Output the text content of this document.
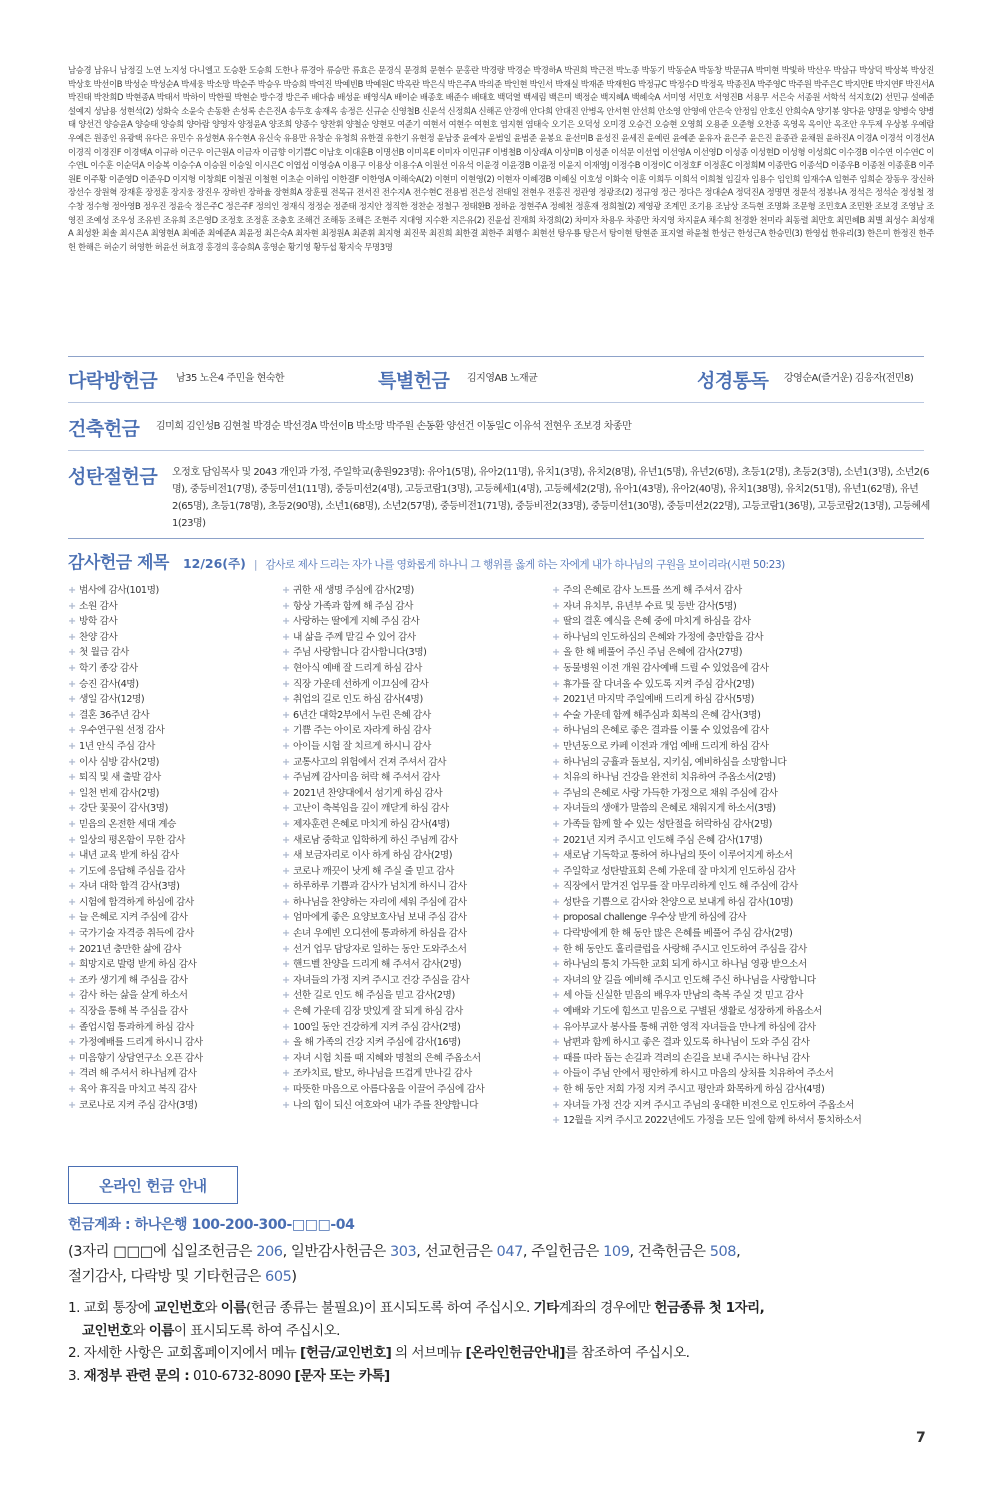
남승경 남유니 남정길 노연 노지성 다니엘고 도승환 도승희 도한나 류경아 류승만 류효은 문경식 문경희 문현수 문홍란 박경량 박경순 박경하A 박권희 박근전 박노종 박동기 박동순A 박동창 박문규A 박미현 박빛하 박산우 박삼규 박상덕 박상복 박상진 박상호 박선이B 박성순 박성순A 박세웅 박소망 박순주 박승우 박승희 박여진 박예빈B 박예원C 박옥란 박은식 박은주A 박의준 박인현 박인서 박재실 박재준 박재헌G 박정규C 박정수D 박정옥 박종진A 박주영C 박주원 박주은C 박지만E 박지연F 박진서A 박진태 박찬희D 박현종A 박태서 박하이 박한필 박현순 방수경 방은주 배다솜 배성윤 배영식A 배이순 배종호 배준수 배태호 백덕열 백세림 백은미 백정순 백지혜A 백혜숙A 서미영 서민호 서영진B 서용무 서은숙 서종원 서학석 석지호(2) 선민규 설예준 설예지 성남용 성현석(2) 성화숙 소윤숙 손동환 손성록 손은진A 송두호 송재옥 송정은 신규순 신영철B 신운석 신정희A 신해곤 안경애 안다희 안대진 안병옥 안서현 안선희 안소영 안영애 안은숙 안정임 안호신 안희숙A 양기봉 양다윤 양명윤 양병숙 양병태 양선건 양승윤A 양승태 양승희 양아람 양영자 양정윤A 양조희 양종수 양찬휘 양철순 양현모 여준기 여현서 여현수 여현호 염지현 염태숙 오기은 오덕성 오미경 오승건 오승현 오영희 오용준 오준형 오찬종 옥영옥 옥이안 옥조안 우두제 우상봉 우예람 우예은 원종인 유광택 유다은 유민수 유성현A 유수현A 유신숙 유용만 유창순 유청희 유한결 유한기 유현정 윤남중 윤예자 윤범일 윤범준 윤봉요 윤선미B 윤성진 윤세진 윤예린 윤예준 윤유자 윤은주 윤은진 윤종관 윤채원 윤하진A 이경A 이경석 이경선A 이경직 이경진F 이경택A 이규하 이근우 이근원A 이금자 이금향 이기쁨C 이남호 이대훈B 이명선B 이미옥E 이미자 이민규F 이병철B 이상래A 이상미B 이성준 이석문 이선엽 이선영A 이선영D 이성종 이성현D 이성형 이성희C 이수경B 이수연 이수연C 이수연L 이수훈 이순덕A 이승복 이승수A 이승원 이승일 이시은C 이엽섭 이영승A 이용구 이용상 이용수A 이원선 이유석 이윤경 이윤경B 이윤정 이윤지 이재영J 이정수B 이정이C 이정호F 이정훈C 이정희M 이종만G 이종석D 이종우B 이종천 이종훈B 이주원E 이주황 이준영D 이준우D 이지형 이창희E 이철권 이철현 이초순 이하임 이한결F 이한영A 이해숙A(2) 이현미 이현영(2) 이현자 이혜경B 이혜실 이호성 이화숙 이훈 이희두 이희석 이희철 임길자 임용수 임인희 임재수A 임현주 임희순 장동우 장신하 장선수 장원혁 장재훈 장정훈 장지웅 장진우 장하빈 장하율 장현희A 장훈필 전목규 전서진 전수지A 전수현C 전용범 전은성 전태일 전현우 전홍진 정관영 정광조(2) 정규영 정근 정다은 정대순A 정덕진A 정명면 정문석 정봉나A 정석은 정석순 정성철 정수창 정수형 정아영B 정우진 정윤숙 정은주C 정은주F 정의인 정재식 정정순 정준태 정지안 정직한 정찬순 정철구 정태환B 정하윤 정현주A 정혜천 정훈재 정희철(2) 제영광 조계민 조기용 조남상 조득현 조명화 조문형 조민호A 조민환 조보경 조영남 조영진 조예성 조우성 조유빈 조유희 조은영D 조정호 조정훈 조충호 조해건 조해동 조해은 조현주 지대영 지수환 지은유(2) 진윤섭 진재희 차경희(2) 차미자 차용우 차종만 차지영 차지윤A 채수희 천경환 천미라 최동렬 최만호 최민혜B 최별 최성수 최성재A 최성환 최솔 최시은A 최영현A 최예준 최예준A 최윤정 최은숙A 최자현 최정원A 최준휘 최지형 최진묵 최진희 최한결 최한주 최행수 최현선 탕우룡 탕은서 탕이현 탕현준 표지열 하윤철 한성근 한성근A 한승민(3) 한영섭 한유리(3) 한은미 한정진 한주헌 한해은 허순기 허영한 허윤선 허효경 홍경의 홍승희A 홍영순 황기영 황두섭 황지숙 무명3명
다락방헌금 남35 노은4 주민을 현숙한	특별헌금 김지영AB 노재균	성경통독 강영순A(즐거운) 김응자(전민8)
건축헌금 김미희 김인성B 김현철 박경순 박선경A 박선이B 박소망 박주원 손동환 양선건 이동일C 이유석 전현우 조보경 차종만
성탄절헌금 오정호 담임목사 및 2043 개인과 가정, 주일학교(총원923명): 유아1(5명), 유아2(11명), 유치1(3명), 유치2(8명), 유년1(5명), 유년2(6명), 초등1(2명), 초등2(3명), 소년1(3명), 소년2(6명), 중등비전1(7명), 중등미션1(11명), 중등미션2(4명), 고등코람1(3명), 고등혜세1(4명), 고등혜세2(2명), 유아1(43명), 유아2(40명), 유치1(38명), 유치2(51명), 유년1(62명), 유년2(65명), 초등1(78명), 초등2(90명), 소년1(68명), 소년2(57명), 중등비전1(71명), 중등비전2(33명), 중등미션1(30명), 중등미션2(22명), 고등코람1(36명), 고등코람2(13명), 고등혜세1(23명)
감사헌금 제목 12/26(주) | 감사로 제사 드리는 자가 나를 영화롭게 하나니 그 행위를 옳게 하는 자에게 내가 하나님의 구원을 보이리라(시편 50:23)
+ 범사에 감사(101명)
+ 소원 감사
+ 방학 감사
+ 찬양 감사
+ 첫 월급 감사
+ 학기 종강 감사
+ 승진 감사(4명)
+ 생일 감사(12명)
+ 결혼 36주년 감사
+ 우수연구원 선정 감사
+ 1년 안식 주심 감사
+ 이사 심방 감사(2명)
+ 퇴직 및 새 출발 감사
+ 일천 번제 감사(2명)
+ 강단 꽃꽂이 감사(3명)
+ 믿음의 온전한 세대 계승
+ 일상의 평온함이 무한 감사
+ 내년 교육 받게 하심 감사
+ 기도에 응답해 주심을 감사
+ 자녀 대학 합격 감사(3명)
+ 시험에 합격하게 하심에 감사
+ 늘 은혜로 지켜 주심에 감사
+ 국가기술 자격증 취득에 감사
+ 2021년 충만한 삶에 감사
+ 희망지로 발령 받게 하심 감사
+ 조카 생기게 해 주심을 감사
+ 감사 하는 삶을 살게 하소서
+ 직장을 통해 복 주심을 감사
+ 졸업시험 통과하게 하심 감사
+ 가정예배를 드리게 하시니 감사
+ 미음향기 상담연구소 오픈 감사
+ 격려 해 주셔서 하나님께 감사
+ 육아 휴직을 마치고 복직 감사
+ 코로나로 지켜 주심 감사(3명)
+ 귀한 새 생명 주심에 감사(2명)
+ 항상 가족과 함께 해 주심 감사
+ 사랑하는 딸에게 지혜 주심 감사
+ 내 삶을 주께 맡길 수 있어 감사
+ 주님 사랑합니다 감사합니다(3명)
+ 현아식 예배 잘 드리게 하심 감사
+ 직장 가운데 선하게 이끄심에 감사
+ 취업의 길로 인도 하심 감사(4명)
+ 6년간 대학2부에서 누린 은혜 감사
+ 기쁨 주는 아이로 자라게 하심 감사
+ 아이들 시험 잘 치르게 하시니 감사
+ 교통사고의 위험에서 건져 주셔서 감사
+ 주님께 감사미음 허락 해 주셔서 감사
+ 2021년 찬양대에서 섬기게 하심 감사
+ 고난이 축복임을 깊이 깨닫게 하심 감사
+ 제자훈련 은혜로 마치게 하심 감사(4명)
+ 새로남 중학교 입학하게 하신 주님께 감사
+ 새 보금자리로 이사 하게 하심 감사(2명)
+ 코로나 깨끗이 낫게 해 주실 줄 믿고 감사
+ 하루하루 기쁨과 감사가 넘치게 하시니 감사
+ 하나님을 찬양하는 자리에 세워 주심에 감사
+ 엄마에게 좋은 요양보호사님 보내 주심 감사
+ 손녀 우예빈 오디션에 통과하게 하심을 감사
+ 선거 업무 담당자로 일하는 동안 도와주소서
+ 핸드벨 찬양을 드리게 해 주셔서 감사(2명)
+ 자녀들의 가정 지켜 주시고 건강 주심을 감사
+ 선한 길로 인도 해 주심을 믿고 감사(2명)
+ 은혜 가운데 김장 맛있게 잘 되게 하심 감사
+ 100일 동안 건강하게 지켜 주심 감사(2명)
+ 올 해 가족의 건강 지켜 주심에 감사(16명)
+ 자녀 시험 치를 때 지혜와 명철의 은혜 주옵소서
+ 조카치료, 탈모, 하나님을 뜨겁게 만나길 감사
+ 따뜻한 마음으로 아름다움을 이끌어 주심에 감사
+ 나의 힘이 되신 여호와여 내가 주를 찬양합니다
+ 주의 은혜로 감사 노트를 쓰게 해 주셔서 감사
+ 자녀 유치부, 유년부 수료 및 등반 감사(5명)
+ 딸의 결혼 예식을 은혜 중에 마치게 하심을 감사
+ 하나님의 인도하심의 은혜와 가정에 충만함을 감사
+ 올 한 해 베풀어 주신 주님 은혜에 감사(27명)
+ 동물병원 이전 개원 감사예배 드릴 수 있었음에 감사
+ 휴가를 잘 다녀올 수 있도록 지켜 주심 감사(2명)
+ 2021년 마지막 주일예배 드리게 하심 감사(5명)
+ 수술 가운데 함께 해주심과 회복의 은혜 감사(3명)
+ 하나님의 은혜로 좋은 결과를 이룰 수 있었음에 감사
+ 만년동으로 카페 이전과 개업 예배 드리게 하심 감사
+ 하나님의 긍휼과 돌보심, 지키심, 예비하심을 소망합니다
+ 치유의 하나님 건강을 완전히 치유하여 주옵소서(2명)
+ 주님의 은혜로 사랑 가득한 가정으로 채워 주심에 감사
+ 자녀들의 생애가 말씀의 은혜로 채워지게 하소서(3명)
+ 가족들 함께 할 수 있는 성탄절을 허락하심 감사(2명)
+ 2021년 지켜 주시고 인도해 주심 은혜 감사(17명)
+ 새로남 기독학교 통하여 하나님의 뜻이 이루어지게 하소서
+ 주일학교 성탄발표회 은혜 가운데 잘 마치게 인도하심 감사
+ 직장에서 맡겨진 업무를 잘 마무리하게 인도 해 주심에 감사
+ 성탄을 기쁨으로 감사와 찬양으로 보내게 하심 감사(10명)
+ proposal challenge 우수상 받게 하심에 감사
+ 다락방에게 한 해 동안 많은 은혜를 베풀어 주심 감사(2명)
+ 한 해 동안도 홀리클럽을 사랑해 주시고 인도하여 주심을 감사
+ 하나님의 통치 가득한 교회 되게 하시고 하나님 영광 받으소서
+ 자녀의 앞 길을 예비해 주시고 인도해 주신 하나님을 사랑합니다
+ 세 아들 신실한 믿음의 배우자 만남의 축복 주실 것 믿고 감사
+ 예배와 기도에 힘쓰고 믿음으로 구별된 생활로 성장하게 하옵소서
+ 유아부교사 봉사를 통해 귀한 영적 자녀들을 만나게 하심에 감사
+ 남편과 함께 하시고 좋은 결과 있도록 하나님이 도와 주심 감사
+ 때를 따라 돕는 손길과 격려의 손길을 보내 주시는 하나님 감사
+ 아들이 주님 안에서 평안하게 하시고 마음의 상처를 치유하여 주소서
+ 한 해 동안 저희 가정 지켜 주시고 평안과 화목하게 하심 감사(4명)
+ 자녀들 가정 건강 지켜 주시고 주님의 웅대한 비전으로 인도하여 주옵소서
+ 12월을 지켜 주시고 2022년에도 가정을 모든 일에 함께 하셔서 통치하소서
온라인 헌금 안내
헌금계좌 : 하나은행 100-200-300-□□□-04
(3자리 □□□에 십일조헌금은 206, 일반감사헌금은 303, 선교헌금은 047, 주일헌금은 109, 건축헌금은 508,
절기감사, 다락방 및 기타헌금은 605)
1. 교회 통장에 교인번호와 이름(헌금 종류는 불필요)이 표시되도록 하여 주십시오. 기타계좌의 경우에만 헌금종류 첫 1자리,
교인번호와 이름이 표시되도록 하여 주십시오.
2. 자세한 사항은 교회홈페이지에서 메뉴 [헌금/교인번호] 의 서브메뉴 [온라인헌금안내]를 참조하여 주십시오.
3. 재정부 관련 문의 : 010-6732-8090 [문자 또는 카톡]
7
